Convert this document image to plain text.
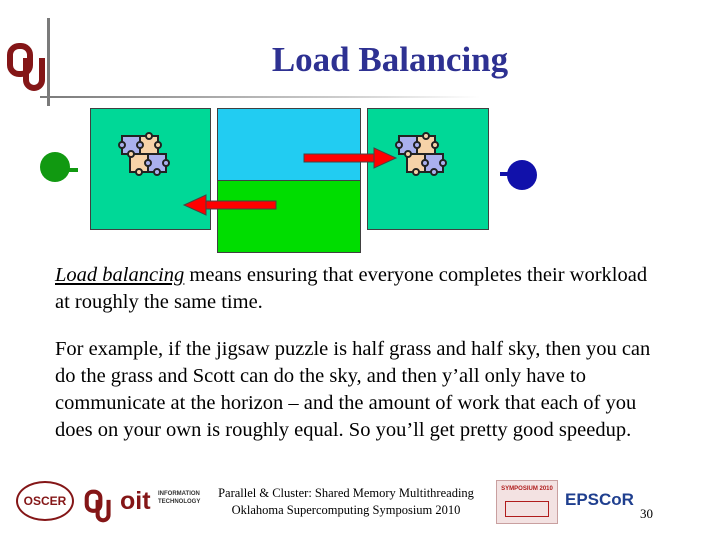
Load Balancing
Load balancing means ensuring that everyone completes their workload at roughly the same time.
For example, if the jigsaw puzzle is half grass and half sky, then you can do the grass and Scott can do the sky, and then y’all only have to communicate at the horizon – and the amount of work that each of you does on your own is roughly equal. So you’ll get pretty good speedup.
OSCER	oit INFORMATION TECHNOLOGY
Parallel & Cluster: Shared Memory Multithreading
Oklahoma Supercomputing Symposium 2010
SYMPOSIUM 2010
EPSCoR
30
